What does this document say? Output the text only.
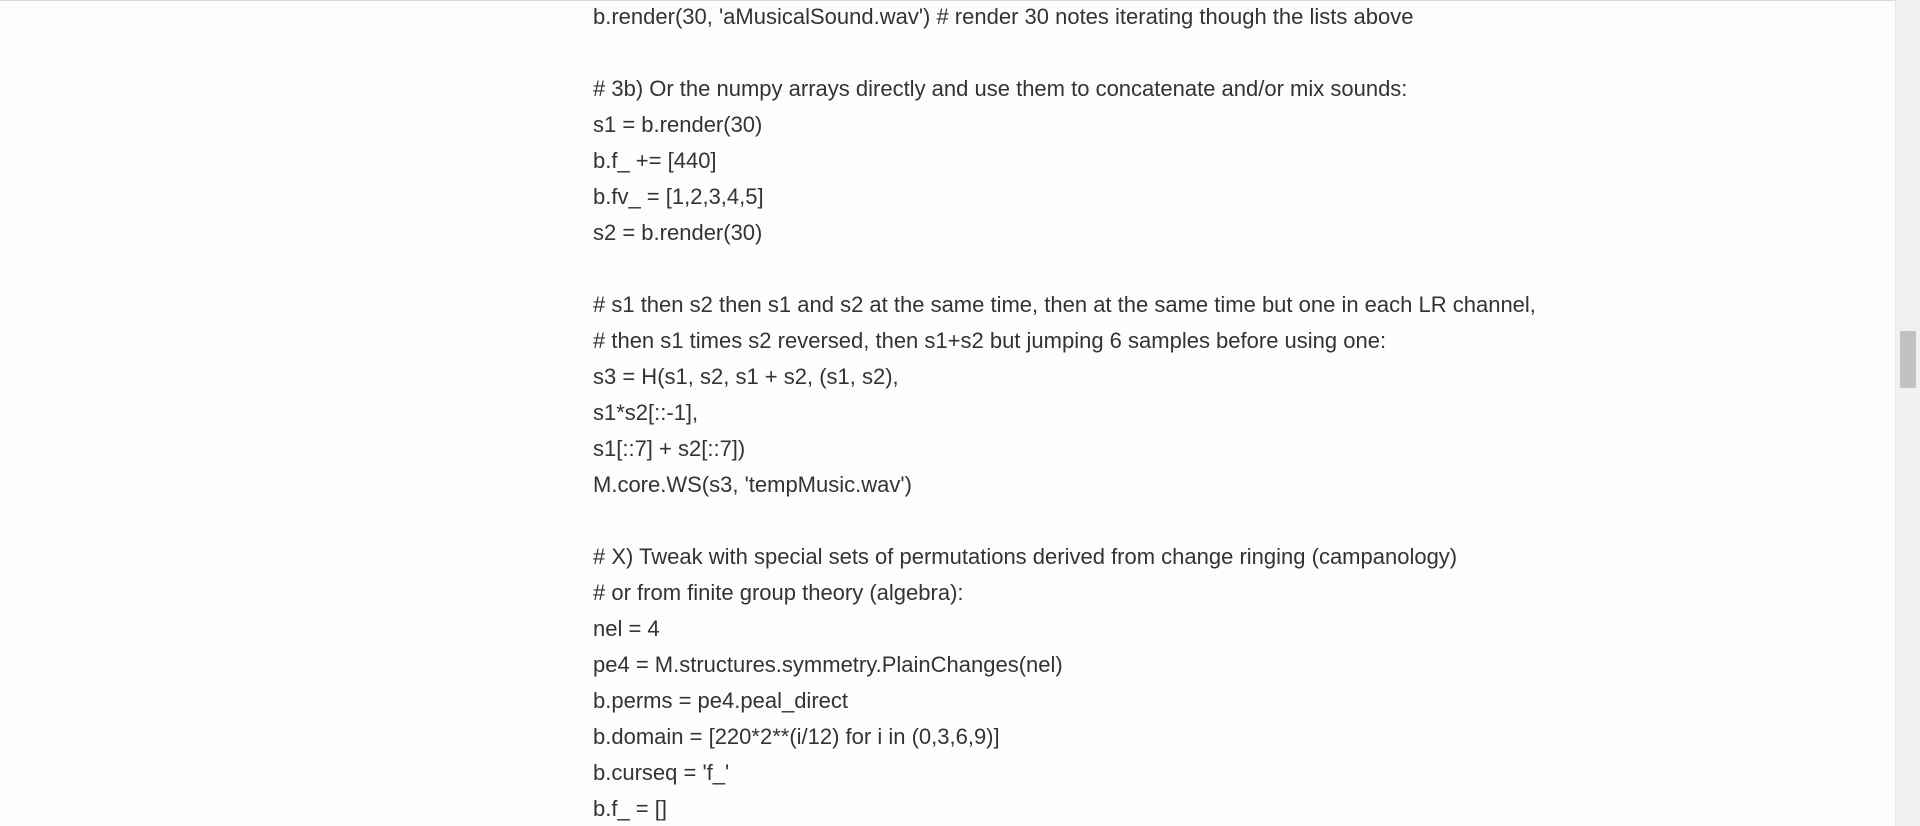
b.render(30, 'aMusicalSound.wav') # render 30 notes iterating though the lists above
# 3b) Or the numpy arrays directly and use them to concatenate and/or mix sounds:
s1 = b.render(30)
b.f_ += [440]
b.fv_ = [1,2,3,4,5]
s2 = b.render(30)
# s1 then s2 then s1 and s2 at the same time, then at the same time but one in each LR channel,
# then s1 times s2 reversed, then s1+s2 but jumping 6 samples before using one:
s3 = H(s1, s2, s1 + s2, (s1, s2),
s1*s2[::-1],
s1[::7] + s2[::7])
M.core.WS(s3, 'tempMusic.wav')
# X) Tweak with special sets of permutations derived from change ringing (campanology)
# or from finite group theory (algebra):
nel = 4
pe4 = M.structures.symmetry.PlainChanges(nel)
b.perms = pe4.peal_direct
b.domain = [220*2**(i/12) for i in (0,3,6,9)]
b.curseq = 'f_'
b.f_ = []
